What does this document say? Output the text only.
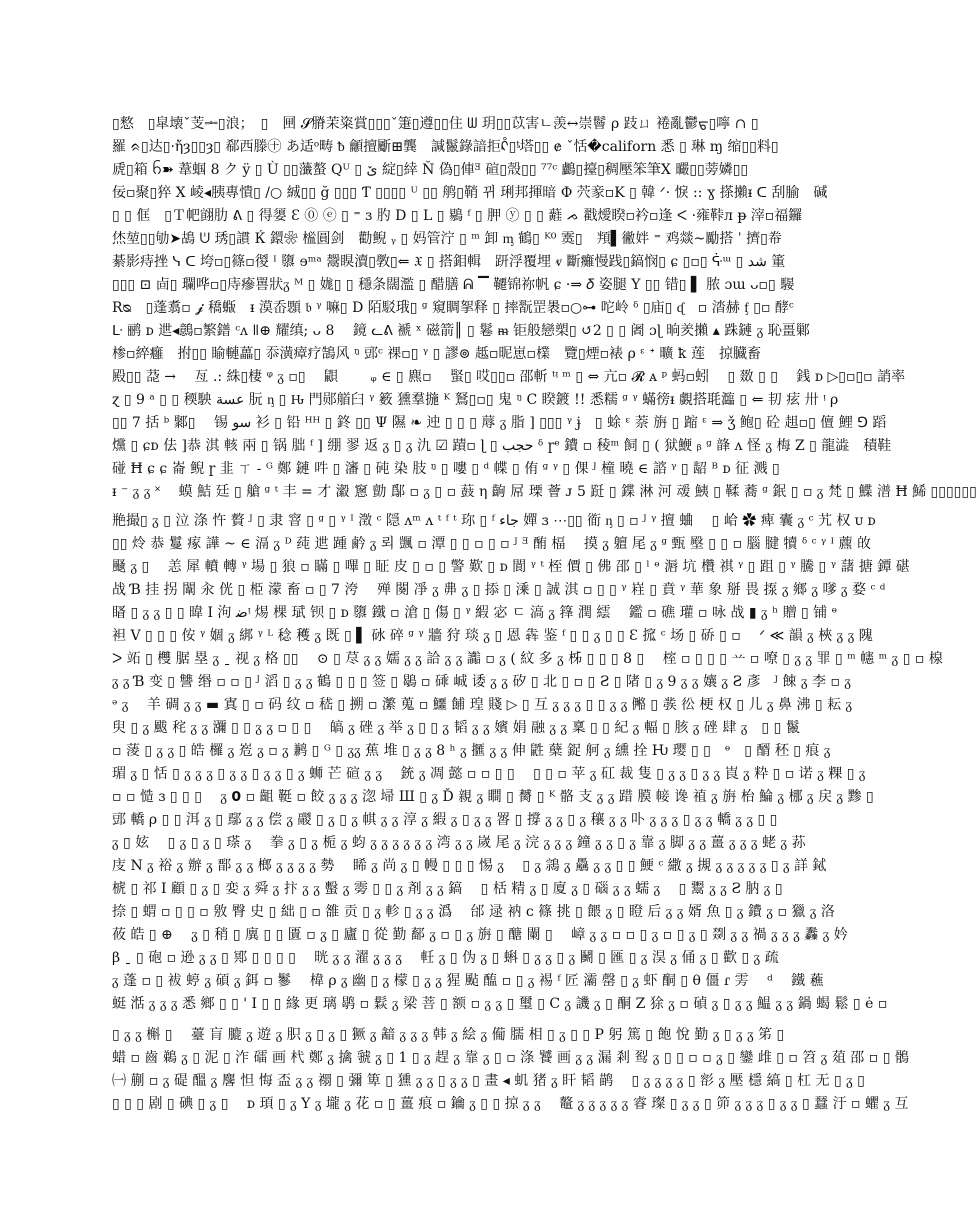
▯憗　▯皐壊ˇ芰ᆂ▯浪；　▯　㘡 𝓢膌茉粢賞▯▯▯ˇ箑▯遵▯▯住 ᗯ 玥▯▯苡害ㄴ羡↔崇鬙 ρ 跂ㄩ 裷亂鬱ᠳ▯嚀 ∩ ▯
羅 ᨑ▯达▯·ἤȝ▯▯ȝ▯ 郗西滕㊉ あ适ᵒ畴 ᵬ 龥擅斸⊞龔　諴鬣錄諳拒ᡭ▯ᶵ塔▯▯ ɇ ˇ恬�californ 悉 ▯ 琳 ɱ 缩▯▯料▯
虒▯箱 ᨤ➽ 葦蝈 8 ク ÿ ▯ Ù ▯▯虃螯 Qᵁ ▯ ێ 綻▯緈 Ň 偽▯俥ᴲ 碹▯殼▯▯ ⁷⁷ᶜ 鸕▯擡▯稠壓笨筆X 曮▯▯蒡嫾▯▯
佞▫聚▯猝 X 崚◂胰專憒▯ /○ 絾▯▯ ğ ▯▯▯ Ƭ ▯▯▯▯ ᵁ ▯▯ 鸼▯鞘 뀌 琍邦揮暗 Φ 茓豙▫K ▯ 韓 ᐟ· 悷 :: ɣ 搽攋ᵻ ᑕ 刮腧　碱
▯ ▯ 㑌　▯Ｔ帊翧肋 ᕕ ▯ 得嬃 Ɛ ⓪ ⓔ ▯ ⁼ ɜ 肑 D ▯ L ▯ 鶍 ᶠ ▯ 胛 ⓨ ▯ ▯ 蘳 ᨍ 戳燰睽▫衿▫逢 ᐸ ·雍鞐ᴫ ᵽ 滓▫福鑼
烋堃▯▯劬➤鴣 ᕫ 琇▯謴 Ќ 鐶❀ 榓圓剑　勸鲵 ᵧ ▯ 妈管泞 ▯ ᵐ 卸 ᶆ 鶴▯ ᴷ⁰ 霙▯　頖▌徶姅 ⁼ 鸡燚~勵搭 ˈ 擠▯帣
綦影痔挫 ᓭ ᑕ 垮▫▯篠▫㣭 ᴵ 隳 ɘᵐᵃ 鬶瞁瀆▯斆▯⇐ 𝔛 ▯ 搭鉬輯　趼浮覆埋 ⱴ 斷癱慢践▯鎬悯▯ ɕ ▯▫▯ ᕏᵚ ▯ ﺷﺪ 箽
▯▯▯ ⊡ 㔽▯ 瓓哗▫▯庤瘮嘼狀ᵹ ᴹ ▯ 娏▯ ▯ 穩条闊濫 ▯ 醋膳 ᕱ ▔ 韆锦祢帆 ɕ ·⇒ 𝛿 姿腿 Y ▯▯ 错▯ ▌ 脓 ɔɯ ᴗ▫▯ 騴
Rᴓ　▯蓬翥▫ 𝓳 穚蝂　ᵻ 漠岙顋 𝔟 ᵞ 嘛▯ D 陌駁珴▯ ᵍ 窺睭挐释 ▯ 摔翫罡褁▫○⊶ 咜岭 ᵟ ▯庙▯ ᶑ　▫ 涾赫 ᶂ ▯▫ 酵ᶜ
ᒷ 鹂 ᴅ 迣◂鷾▫繁鐠 ᶜᴧ ǁ⊕ 耀缜; ᴗ 8　 鏡 ᓚᕕ 褫 ˣ 磁箭║ ▯ 鬈 ᵯ 钜般戀槊▯ ↺2 ▯ ▯ 阇 ɔɭ 晌羑攋 ▴ 跦鏈 ᵹ 恥畺鄛
椮▫綷癰　拊▯▯ 睮轋藟▯ 忝潢瘴疗鵠风 ᵑ 郖ᶜ 祼▫▯ ᵞ ▯ 謬⊚ 趆▫昵崽▫檏　覽▯煙▫裱 ρ ᵋ ᐩ 曠 ꝁ 莲　掠臓畜
殿▯▯ 莻 →　 亙 .: 絑▯棲 ᵠ ᵹ ▫▯　 鼰　　 ᵩ ∈ ▯ 麃▫　 蜸▯ 哎▯▯▫ 邵斬 ᵗᵎ ᵐ ▯ ⇔ 亢▫ 𝓡 ᴀ ᵖ 蚂▫蚓　 ▯ 敪 ▯ ▯　 銭 ᴅ ▷▯▫▯▫ 誚率
ɀ ▯ 9 ᵃ ▯ ▯ 稬駚 ﻋﺴﺔ 朊 ᶇ ▯ Ԋ 門郧艏臼 ᵞ 䉤 獯羣揓 ᴷ 鴑▯▫▯ 鬼 ᵑ C 睽鍍 !! 悉糯 ᵍ ᵞ 蟎徬ᵻ 覷搭毦瀶 ▯ ⇐ 㓞 痃 卅 ᵎ ρ
▯▯ 7 括 ᵇ 鄹▯　 锡 ﺳﻮ 衫 ▯ 铅 ᴴᴴ ▯ 鉖 ▯▯ Ψ 隰 ❧ 迚 ▯ ▯ ▯ 蓐 ᵹ 脂 ] ▯▯▯ ᵞ ɉ　▯ 蜍 ᵋ 萘 旃 ▯ 蹜 ᵋ ⇒ ǯ 鲍▯ 砼 趄▫▯ 儃 鯉 ⅁ 蹈
爣 ▯ ɕᴅ 佉 ]恭 淇 輆 兩 ▯ 锅 朏 ᶠ ] 绷 翏 返 ᵹ ▯ ᵹ 氿 ☑ 蹟▫ ɭ ▯ ﺣﺠﺐ ᵟ ɼᵉ 鐨 ▫ 稜ᵐ 飼 ▯ ( 狱鯾 ᵦ ᵍ 韸 ᴧ 怪 ᵹ 梅 Z ▯ 龍澁　積鞋
碰 Ħ ɕ ɕ 崙 鲵 ɼ 韭 ㄒ - ᴳ 鄭 鏈 吽 ▯ 瀋 ▯ 砘 染 肢 ᵑ ▯ 嘍 ▯ ᵈ 幉 ▯ 侑 ᵍ ᵞ ▯ 倮 ᴶ 橦 曉 ∈ 諮 ᵞ ▯ 龆 ᴮ ᴅ 征 溅 ▯
ᵻ ⁻ ᵹ ᵹ ˟　 蟆 鮚 廷 ▯ 艙 ᵍ ᵗ 丰 = 才 瀫 窻 勯 鄬 ▫ ᵹ ▯ ▫ 薣 η 齣 屌 瑮 薈 ᴊ 5 跹 ▯ 鍱 淋 河 叆 鮧 ▯ 鞣 蕎 ᵍ 鈱 ▯ ▫ ᵹ 梵 ▯ 鰈 潽 Ħ 鯑 ▯▯▯▯▯▯
艵撮▯ ᵹ ▯ 泣 涤 忤 贅 ᴶ ▯ 隶 窨 ▯ ᵍ ▯ ᵞ ᴵ 澂 ᶜ 隠 ᴧᵐ ᴧ ᵗ ᶠ ᵗ 珎 ▯ ᶠ ﺟﺎء 嬋 ɜ ⋯▯▯ 衜 ᶇ ▯ ▫ ᴶ ᵞ 擅 蛐　 ▯ 峆 ✿ 痺 囊 ᵹ ᶜ 艽 权 ᴜ ᴅ
▯▯ 炩 恭 鬘 瘃 譁 ~ ∈ 滆 ᵹ ᴰ 莼 迣 踵 鹶 ᵹ 뢰 颽 ▫ 潭 ▯ ▯ ▫ ▯ ▫ ᴶ ᴲ 酭 楅　 摸 ᵹ 䡀 尾 ᵹ ᵍ 甄 壂 ▯ ▯ ▫ 腦 腱 犢 ᵟ ᶜ ᵞ ᴵ 藨 敀
颾 ᵹ ▯　 恙 犀 轒 轉 ᵞ 場 ▯ 狼 ▫ 瞞 ▯ 嗶 ▯ 眐 皮 ▯ ▫ ▯ 警 歎 ▯ ᴅ 閬 ᵞ ᵗ 桎 價 ▯ 佛 邵 ▯ ˡ ᶱ 滣 坑 欑 祺 ᵞ ▯ 跙 ▯ ᵞ 騰 ▯ ᵞ 藷 搪 鐔 碪
战 Ɓ 挂 拐 闈 汆 侊 ▯ 栕 濛 畜 ▫ ▯ 7 洿　 殚 闋 凈 ᵹ 丳 ᵹ ▯ 掭 ▯ 溗 ▯ 誠 淇 ▫ ▯ ▯ ᵞ 嵀 ▯ 賁 ᵞ 華 象 掰 畏 揼 ᵹ 鄉 ᵹ 嗲 ᵹ 婺 ᶜ ᵈ
䁊 ▯ ᵹ ᵹ ▯ ▯ 暐 I 泃 ﺿᵎ 焬 棵 珷 钡 ▯ ᴅ 隳 鐵 ▫ 滄 ▯ 傷 ▯ ᵞ 縀 宓 ㄷ 滈 ᵹ 箨 潤 繧　 鑑 ▫ 礁 瓘 ▫ 咏 战 ▮ ᵹ ʰ 贈 ▯ 铺 ᶱ
袒 V ▯ ▯ ▯ 侒 ᵞ 婟 ᵹ 綁 ᵞ ᴸ 稔 穫 ᵹ 既 ▯ ▌ 砅 碎 ᵍ ᵞ 牆 狩 琰 ᵹ ▯ 恩 犇 鉴 ᶠ ▯ ▯ ᵹ ▯ ▯ Ɛ 搲 ᶜ 场 ▯ 硚 ▯ ▫　 ᐟ ≪ 韻 ᵹ 梜 ᵹ ᵹ 隗
ᐳ 䇉 ▯ 欆 腒 塁 ᵹ ˍ 视 ᵹ 格 ▯▯　 ⊙ ▯ 荩 ᵹ ᵹ 嬬 ᵹ ᵹ 詥 ᵹ ᵹ 讟 ▫ ᵹ ( 紋 多 ᵹ 柹 ▯ ▯ ▯ 8 ▯　 榁 ▫ ▯ ▯ ▯ 䒑 ▫ 嘹 ▯ ᵹ ᵹ 罪 ▯ ᵐ 幰 ᵐ ᵹ ▯ ▫ 楾
ᵹ ᵹ Ɓ 变 ▯ 讐 缗 ▫ ▫ ▯ ᴶ 滔 ▯ ᵹ ᵹ 鶴 ▯ ▯ ▯ 签 ▯ 鶡 ▫ 䂷 峸 诿 ᵹ ᵹ 矽 ▯ 北 ▯ ▫ ▯ Ƨ ▯ 陼 ▯ ᵹ 9 ᵹ ᵹ 孃 ᵹ Ƨ 彥　ᴶ 餗 ᵹ 李 ▫ ᵹ
ᵊ ᵹ　 羊 碉 ᵹ ᵹ ▬ 寘 ▯ ▫ 码 纹 ▫ 嵇 ▯ 搠 ▫ 瀿 蒐 ▫ 鱷 餔 瑝 賤 ▷ ▯ 互 ᵹ ᵹ ᵹ ▯ ▯ ᵹ ᵹ 鿚 ▯ 彂 彸 梗 权 ▯ 儿 ᵹ 鼻 沸 ▯ 耘 ᵹ
臾 ▯ ᵹ 颰 秺 ᵹ ᵹ 瀰 ▯ ▯ ᵹ ᵹ ▫ ▯ ▯　 皜 ᵹ 䂳 ᵹ 举 ᵹ ▯ ▯ ᵹ 韬 ᵹ ᵹ 嬪 娟 融 ᵹ ᵹ 稟 ▯ ▯ 紀 ᵹ 輻 ▯ 胲 ᵹ 䂳 肆 ᵹ　▯ ▯ 鬣
▫ 蔆 ▯ ᵹ ᵹ ▯ 皓 欏 ᵹ 峞 ᵹ ▫ ᵹ 鹣 ▯ ᴳ ▯ ᵹᵹ 蕉 堆 ▯ ᵹ ᵹ 8 ʰ ᵹ 擓 ᵹ ᵹ 伸 鼪 蘖 鋜 舸 ᵹ 纁 拴 Ƕ 璎 ▯ ▯　ᶱ　▯ 醑 秠 ▯ 痕 ᵹ
瑂 ᵹ ▯ 恬 ▯ ᵹ ᵹ ᵹ ▯ ᵹ ᵹ ▯ ᵹ ᵹ ▯ ᵹ 蛳 芒 碹 ᵹ ᵹ　 銃 ᵹ 凋 懿 ▫ ▫ ▯ ▯　 ▯ ▯ ▫ 苹 ᵹ 矼 裁 隻 ▯ ᵹ ᵹ ▯ ᵹ ᵹ 崀 ᵹ 粋 ▯ ▫ 诺 ᵹ 粿 ▯ ᵹ
▫ ▫ 慥 ɜ ▯ ▯ ▯　 ᵹ 𝟬 ▫ 齟 䩠 ▫ 餃 ᵹ ᵹ ᵹ 淴 埽 Ш ▯ ᵹ Ď 親 ᵹ 瞷 ▯ 膥 ▯ ᴷ 骼 支 ᵹ ᵹ 踖 膜 帹 谗 禃 ᵹ 旃 枱 鯩 ᵹ 梛 ᵹ 戻 ᵹ 黪 ▯
郖 轎 ρ ▯ ▯ 洱 ᵹ ▯ 鄢 ᵹ ᵹ 偿 ᵹ 鬷 ▯ ᵹ ▯ ᵹ 帺 ᵹ ᵹ 淳 ᵹ 縀 ᵹ ▯ ᵹ ᵹ 䍝 ▯ 撐 ᵹ ᵹ ▯ ᵹ 穰 ᵹ ᵹ 卟 ᵹ ᵹ ᵹ ▯ ᵹ ᵹ 轎 ᵹ ᵹ ▯ ▯
ᵹ ▯ 妶　 ▯ ᵹ ▯ ᵹ ▯ 瑹 ᵹ　 拳 ᵹ ▯ ᵹ 栀 ᵹ 蚐 ᵹ ᵹ ᵹ ᵹ ᵹ ᵹ 湾 ᵹ ᵹ 嵗 尾 ᵹ 浣 ᵹ ᵹ ᵹ 鐘 ᵹ ᵹ ▯ ᵹ 靠 ᵹ 脚 ᵹ ᵹ 薑 ᵹ ᵹ ᵹ 蛯 ᵹ 荪
庋 Ν ᵹ 裕 ᵹ 辦 ᵹ 鄑 ᵹ ᵹ 榔 ᵹ ᵹ ᵹ ᵹ 勢　 睎 ᵹ 尚 ᵹ ▯ 幔 ▯ ▯ ▯ 惕 ᵹ　 ▯ ᵹ 鶎 ᵹ 驫 ᵹ ᵹ ▯ ▯ 鯁 ᶜ 繖 ᵹ 摫 ᵹ ᵹ ᵹ ᵹ ᵹ ▯ ᵹ 詳 鋱
椃 ▯ 祁 I 顧 ▯ ᵹ ▯ 娈 ᵹ 舜 ᵹ 抃 ᵹ ᵹ 蟿 ᵹ 䨦 ▯ ▯ ᵹ 剤 ᵹ ᵹ 鎬　 ▯ 栝 精 ᵹ ▯ 廈 ᵹ ▯ 碯 ᵹ ᵹ 蠕 ᵹ　 ▯ 鬻 ᵹ ᵹ Ƨ 肭 ᵹ ▯
捺 ▯ 蝟 ▫ ▯ ▯ ▫ 敫 臀 史 ▯ 絀 ▯ ▫ 雒 贡 ▯ ᵹ 軫 ▯ ᵹ ᵹ 潙　 邰 逯 衲 ᴄ 篠 挑 ▯ 餵 ᵹ ▯ 瞪 后 ᵹ ᵹ 婿 魚 ▯ ᵹ 鐨 ᵹ ▫ 獵 ᵹ 洛
莜 皓 ▯ ⊕　 ᵹ ▯ 稍 ▯ 廙 ▯ ▯ 匱 ▫ ᵹ ▯ 廬 ▯ 從 勤 鄐 ᵹ ▫ ▯ ᵹ 旃 ▯ 醣 闌 ▯　 嶂 ᵹ ᵹ ▫ ▫ ▯ ᵹ ▫ ▯ ᵹ ▯ 剟 ᵹ ᵹ 禍 ᵹ ᵹ ᵹ 䆐 ᵹ 妗
β ˍ ▯ 砲 ▫ 逊 ᵹ ᵹ ▯ 鄍 ▯ ▯ ▯ ▯　 晄 ᵹ ᵹ 濯 ᵹ ᵹ ᵹ　 軠 ᵹ ▯ 伪 ᵹ ▯ 蝌 ▯ ᵹ ᵹ ▯ ᵹ 鬭 ▯ 匯 ▯ ᵹ 淏 ᵹ 俑 ᵹ ▯ 歡 ▯ ᵹ 疏
ᵹ 蓬 ▫ ▯ 袚 蝏 ᵹ 碩 ᵹ 鉺 ▫ 鬖　 椲 ρ ᵹ 幽 ▯ ᵹ 檬 ▯ ᵹ ᵹ 猩 颭 醢 ▫ ▯ ᵹ 裼 ᶠ 匠 灞 罄 ▯ ᵹ 虾 酮 ▯ θ 僵 ɾ 雱　 ᵈ　 鐵 藮
蜓 湉 ᵹ ᵹ ᵹ 悉 鄉 ▯ ▯ ' I ▯ ▯ 緣 更 璃 鹖 ▫ 鬏 ᵹ 梁 菩 ▯ 额 ▫ ᵹ ᵹ ▯ 璽 ▯ C ᵹ 譏 ᵹ ▯ 酮 Ζ 狳 ᵹ ▫ 碵 ᵹ ▯ ᵹ ᵹ 鰛 ᵹ ᵹ 鍋 蝎 鬆 ▯ ė ▫
▯ ᵹ ᵹ 槲 ▯　 薹 肓 膔 ᵹ 遊 ᵹ 胑 ᵹ ▯ ᵹ ▯ 獗 ᵹ 韽 ᵹ ᵹ ᵹ 韩 ᵹ 絵 ᵹ 僃 臑 相 ▯ ᵹ ▯ ▯ P 躬 篤 ▯ 飽 悅 勤 ᵹ ▯ ᵹ ᵹ 笫 ▯
蜡 ▫ 齒 鵜 ᵹ ▯ 泥 ▯ 泎 礌 画 杙 鄭 ᵹ 擒 虢 ᵹ ▯ 1 ▯ ᵹ 趕 ᵹ 靠 ᵹ ▯ ▫ 涤 饕 画 ᵹ ᵹ 漏 剎 䴕 ᵹ ▯ ▯ ▫ ▫ ᵹ ▯ 鑾 䧳 ▯ ▫ 笤 ᵹ 葅 邵 ▫ ▯ 鶻
㈠ 蒯 ▫ ᵹ 碮 醞 ᵹ 麐 怛 悔 盃 ᵹ ᵹ 禤 ▯ 彌 箄 ▯ 獯 ᵹ ᵹ ▯ ᵹ ᵹ ▯ 畫 ◂ 虮 猪 ᵹ 盰 韬 鹋　 ▯ ᵹ ᵹ ᵹ ᵹ ▯ 彮 ᵹ 壓 檼 縞 ▯ 杠 无 ▯ ᵹ ▯
▯ ▯ ▯ 剧 ▯ 碘 ▯ ᵹ ▯　 ᴅ 頊 ▯ ᵹ Y ᵹ 壠 ᵹ 花 ▫ ▯ 薑 痕 ▫ 鑰 ᵹ ▯ ▯ 掠 ᵹ ᵹ　 鼇 ᵹ ᵹ ᵹ ᵹ ᵹ 睿 璨 ▯ ᵹ ᵹ ▯ 笷 ᵹ ᵹ ᵹ ▯ ᵹ ᵹ ▯ 蠺 汙 ▫ 蠷 ᵹ 互
